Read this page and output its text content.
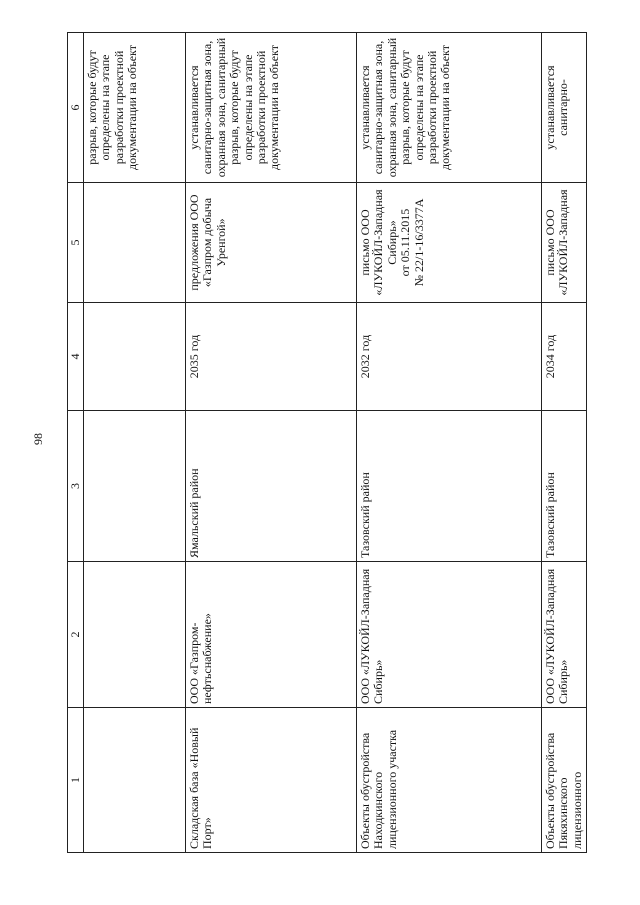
98
1	2	3	4	5	6
					разрыв, которые будут определены на этапе разработки проектной документации на объект
Складская база «Новый Порт»	ООО «Газпром-нефтьснабжение»	Ямальский район	2035 год	предложения ООО «Газпром добыча Уренгой»	устанавливается санитарно-защитная зона, охранная зона, санитарный разрыв, которые будут определены на этапе разработки проектной документации на объект
Объекты обустройства Находкинского лицензионного участка	ООО «ЛУКОЙЛ-Западная Сибирь»	Тазовский район	2032 год	письмо ООО «ЛУКОЙЛ-Западная Сибирь»
от 05.11.2015
№ 22/1-16/3377А	устанавливается санитарно-защитная зона, охранная зона, санитарный разрыв, которые будут определены на этапе разработки проектной документации на объект
Объекты обустройства Пякяхинского лицензионного	ООО «ЛУКОЙЛ-Западная Сибирь»	Тазовский район	2034 год	письмо ООО «ЛУКОЙЛ-Западная	устанавливается санитарно-
